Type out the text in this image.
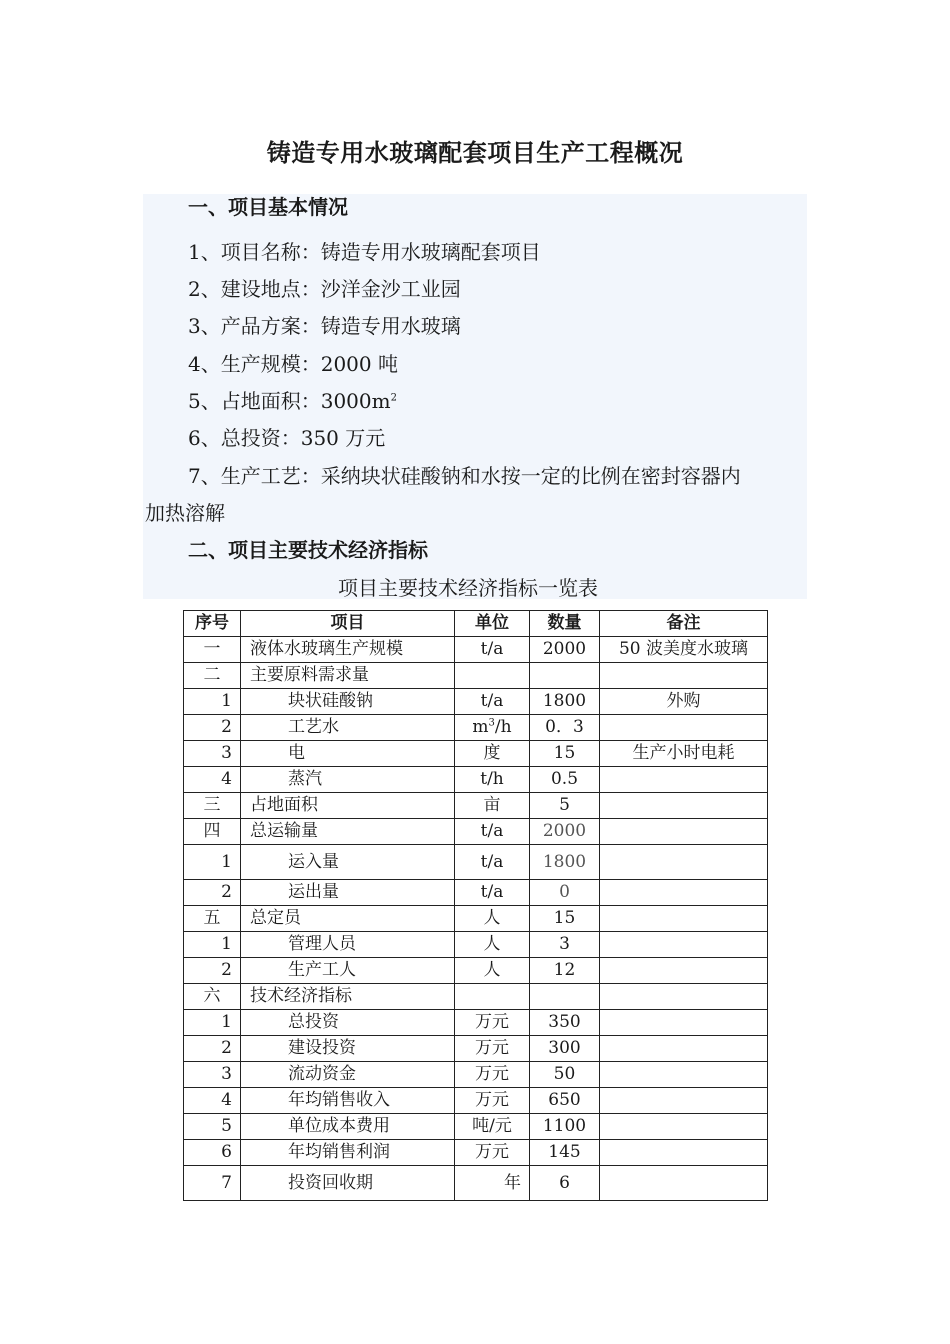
铸造专用水玻璃配套项目生产工程概况
一、项目基本情况
1、项目名称：铸造专用水玻璃配套项目
2、建设地点：沙洋金沙工业园
3、产品方案：铸造专用水玻璃
4、生产规模：2000 吨
5、占地面积：$3000m^2$
6、总投资：350 万元
7、生产工艺：采纳块状硅酸钠和水按一定的比例在密封容器内
加热溶解
二、项目主要技术经济指标
项目主要技术经济指标一览表
序号	项目	单位	数量	备注
一	液体水玻璃生产规模	t/a	2000	50 波美度水玻璃
二	主要原料需求量			
1	块状硅酸钠	t/a	1800	外购
2	工艺水	$m^3/h$	0．3	
3	电	度	15	生产小时电耗
4	蒸汽	t/h	0.5	
三	占地面积	亩	5	
四	总运输量	t/a	2000	
1	运入量	t/a	1800	
2	运出量	t/a	0	
五	总定员	人	15	
1	管理人员	人	3	
2	生产工人	人	12	
六	技术经济指标			
1	总投资	万元	350	
2	建设投资	万元	300	
3	流动资金	万元	50	
4	年均销售收入	万元	650	
5	单位成本费用	吨/元	1100	
6	年均销售利润	万元	145	
7	投资回收期	年	6	
